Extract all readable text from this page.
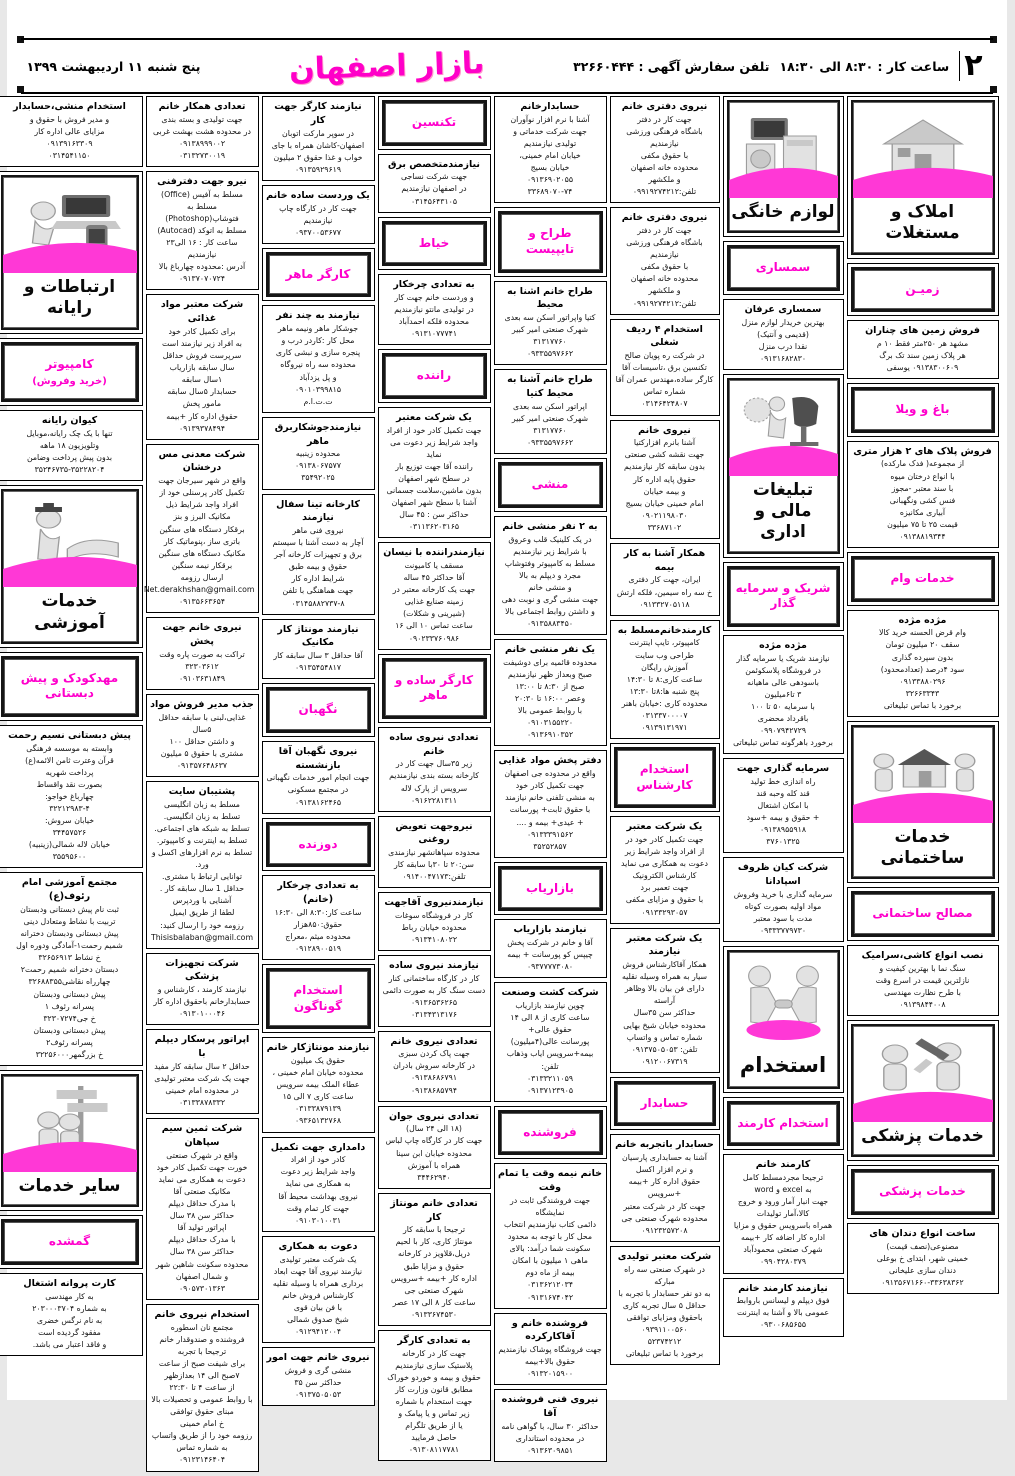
۲
ساعت کار : ۸:۳۰ الی ۱۸:۳۰
تلفن سفارش آگهی : ۳۲۶۶۰۴۴۴
بازار اصفهان
پنج شنبه ۱۱ اردیبهشت ۱۳۹۹
املاک و مستغلات
زمیـن
فروش زمین های چناران
مشهد هر ۲۵۰متر فقط ۱۰ م
هر پلاک زمین سند تک برگ
۰۹۱۳۸۳۰۰۶۰۹ یوسفی
باغ و ویلا
فروش پلاک های ۲ هزار متری
از مجموعه( فدک مارکده)
با انواع درختان میوه
با سند معتبر -مجوز
فنس کشی ونگهبانی
آبیاری مکانیزه
قیمت ۲۵ تا ۷۵ میلیون
۰۹۱۳۸۸۱۹۳۴۴
خدمات وام
مژده مژده
وام قرض الحسنه خرید کالا
سقف ۲۰ میلیون تومان
بدون سپرده گذاری
سود ۴درصد (تعدادمحدود)
۰۹۱۳۳۸۸۰۲۹۶
۳۲۶۶۳۳۴۳
برخورد با تماس تبلیغاتی
خدمات ساختمانی
مصالح ساختمانی
نصب انواع کاشی،سرامیک
سنگ نما با بهترین کیفیت و
نازلترین قیمت در اسرع وقت
با طرح نظارت مهندسی
۰۹۱۳۹۸۴۴۰۰۸
خدمات پزشکی
خدمات پزشکی
ساخت انواع دندان های
مصنوعی(نصف قیمت)
خمینی شهر، ابتدای خ بوعلی
دندان سازی علیخانی
۰۹۱۳۵۶۷۱۶۶۰-۳۳۶۳۸۳۶۲
لوازم خانگی
سمساری
سمساری عرفان
بهترین خریدار لوازم منزل
(قدیمی و آنتیک)
نقدا درب منزل
۰۹۱۳۱۶۸۲۸۳۰
تبلیغات مالی و اداری
شریک و سرمایه گذار
مژده مژده
نیازمند شریک یا سرمایه گذار
در فروشگاه پلاسکوئمن
باسودهی عالی ماهیانه
۳ تا۶میلیون
با سرمایه ۵۰ تا ۱۰۰
باقرداد محضری
۰۹۹۰۷۹۴۲۷۲۹
برخورد باهرگونه تماس تبلیغاتی
سرمایه گذاری جهت
راه اندازی خط تولید
قند کله وحبه قند
با امکان اشتغال
+ حقوق و بیمه +سود
۰۹۱۳۸۹۵۵۹۱۸
۳۷۶۰۱۳۲۵
شرکت کیان ظروف اسپادانا
سرمایه گذاری با خرید وفروش
مواد اولیه بصورت کوتاه
مدت با سود معتبر
۰۹۳۳۳۷۷۹۷۳۰
استخدام
استخدام کارمند
کارمند خانم
ترجیحا مجردمسلط کامل
به excel و word
جهت انبار آمار ورود و خروج
کالا،آمار تولیدات
همراه باسرویس حقوق و مزایا
اداره کار اضافه کار +بیمه
شهرک صنعتی محمودآباد
۰۹۹۰۴۲۸۰۳۷۹
نیازمند کارمند خانم
فوق دیپلم و لیسانس باروابط
عمومی بالا و آشنا به اینترنت
۰۹۳۰۰۶۸۵۶۵۵
نیروی دفتری خانم
جهت کار در دفتر
باشگاه فرهنگی ورزشی
نیازمندیم
با حقوق مکفی
محدوده خانه اصفهان
و ملکشهر
تلفن:۰۹۹۱۹۲۷۴۲۱۲
نیروی دفتری خانم
جهت کار در دفتر
باشگاه فرهنگی ورزشی
نیازمندیم
با حقوق مکفی
محدوده خانه اصفهان
و ملکشهر
تلفن:۰۹۹۱۹۲۷۴۲۱۲
استخدام ۴ ردیف شغلی
در شرکت ره پویان صالح
تکنسین برق ،تاسیسات آقا
کارگر ساده،مهندس عمران آقا
شماره تماس
۰۳۱۴۶۴۲۴۸۰۷
نیروی خانم
آشنا بانرم افزارکتیا
جهت نقشه کشی صنعتی
بدون سابقه کار نیازمندیم
حقوق پایه اداره کار
و بیمه خیابان
امام خمینی خیابان بسیج
۰۹۰۲۱۱۹۸۰۳۰
۳۳۶۸۷۱۰۲
همکار آشنا به کار بیمه
ایران، جهت کار دفتری
خ سه راه سیمین، فلکه ارتش
۰۹۱۳۳۲۷۰۵۱۱۸
کارمندخانم‌مسلط به
کامپیوتر، تایپ اینترنت
طراحی وب سایت
آموزش رایگان
ساعت کاری:۸ تا ۱۴:۳۰
پنج شنبه ها:۸تا ۱۳:۳۰
محدوده کاری :خیابان باهنر
۰۳۱۳۳۷۰۰۰۰۷
۰۹۱۳۹۱۳۱۹۷۱
استخدام کارشناس
یک شرکت معتبر
جهت تکمیل کادر خود در
از افراد واجد شرایط زیر
دعوت به همکاری می نماید
کارشناس الکترونیک
جهت تعمیر برد
با حقوق و مزایای مکفی
۰۹۱۳۳۲۹۳۰۵۷
یک شرکت معتبر نیازمند
همکار آقاکارشناس فروش
سیار به همراه وسیله نقلیه
دارای فن بیان بالا وظاهر آراسته
حداکثر سن ۳۵سال
محدوده خیابان شیخ بهایی
شماره تماس و واتساپ
تلفن: ۰۹۱۳۷۵۰۵۰۵۳
۰۹۱۲۰۰۶۷۳۱۹
حسابدار
حسابدار باتجربه خانم
آشنا به حسابداری پارسیان
و نرم افزار اکسل
حقوق اداره کار +بیمه
+سرویس
جهت کار در شرکت معتبر
محدوده شهرک صنعتی جی
۰۹۱۲۳۲۵۷۲۰۸
شرکت معتبر تولیدی
در شهرک صنعتی سه راه مبارکه
به دو نفر حسابدار با تجربه با
حداقل ۵ سال تجربه کاری
باحقوق ومزایای توافقی
۰۹۳۹۱۱۰۰۵۶۰
۵۲۳۷۴۲۱۲
برخورد با تماس تبلیغاتی
حسابدارخانم
آشنا با نرم افزار نوآوران
جهت شرکت خدماتی و
تولیدی نیازمندیم
خیابان امام خمینی،
خیابان بسیج
۰۹۱۳۶۹۰۲۰۵۵
۳۳۶۸۹۰۷۰-۷۴
طراح و تایپیست
طراح خانم اشنا به محیط
کتیا واپراتور اسکن سه بعدی
شهرک صنعتی امیر کبیر
۳۱۳۱۷۷۶۰
۰۹۳۳۵۵۹۷۶۶۲
طراح خانم آشنا به محیط کتیا
اپراتور اسکن سه بعدی
شهرک صنعتی امیر کبیر
۳۱۳۱۷۷۶۰
۰۹۳۳۵۵۹۷۶۶۲
منشی
به ۲ نفر منشی خانم
در یک کلینیک قلب وعروق
با شرایط زیر نیازمندیم
مسلط به کامپیوتر وفتوشاپ
مجرد و دیپلم به بالا
و منشی خانم
جهت منشی گری و نوبت دهی
و داشتن روابط اجتماعی بالا
۰۹۱۳۵۸۸۳۴۵۰
یک نفر منشی خانم
محدوده قائمیه برای دوشیفت
صبح وبعداز ظهر نیازمندیم
صبح از ۸:۳۰ تا ۱۳:۰۰
وعصر ۱۶:۰۰ تا ۲۰:۳۰
با روابط عمومی بالا
۰۹۱۰۳۱۵۵۲۲۰
۰۹۱۳۶۹۱۰۳۵۲
دفتر پخش مواد غذایی
واقع در محدوده جی اصفهان
جهت تکمیل کادر خود
به منشی تلفنی خانم نیازمند
با حقوق ثابت+ پورسانت
+ عیدی+ بیمه و ....
۰۹۱۳۳۳۹۱۵۶۲
۳۵۲۵۲۸۵۷
بازاریاب
نیازمند بازاریاب
آقا و خانم در شرکت پخش
چیپس کو پورسانت + بیمه
۰۹۳۷۷۷۷۳۰۸۰
شرکت کشت وصنعت
چوین نیازمند بازاریاب
ساعت کاری از ۸ الی ۱۴
حقوق عالی+
پورسانت عالی(۴میلیون)
بیمه+سرویس ایاب وذهاب
تلفن:
۰۳۱۳۳۲۱۱۰۵۹
۰۹۱۳۷۱۲۳۹۰۵
فروشنده
خانم نیمه وقت یا تمام وقت
جهت فروشندگی ثابت در نمایشگاه
دائمی کتاب نیازمندیم انتخاب
محل کار با توجه به محدود
سکونت شما درآمد: بالای
ماهی ۱ میلیون با امکان
بیمه از ماه دوم
۰۳۱۳۶۲۱۲۰۳۴
۰۹۱۳۱۶۷۴۰۴۲
فروشنده خانم و آقاکارکرده
جهت فروشگاه پوشاک نیازمندیم
حقوق بالا+بیمه
۰۹۱۳۲۰۱۵۹۰۰
نیروی فنی فروشنده آقا
حداکثر ۳۰ سال، با گواهی نامه
در محدوده استانداری
۰۹۱۳۶۳۰۹۸۵۱
تکنسین
نیازمندمتخصص برق
جهت شرکت نساجی
در اصفهان نیازمندیم
۰۳۱۴۵۶۴۳۱۰۵
خیاط
به تعدادی چرخکار
و وردست خانم جهت کار
در تولیدی مانتو نیازمندیم
محدوده فلکه احمدآباد
۰۹۱۳۱۰۷۷۷۴۱
راننده
یک شرکت معتبر
جهت تکمیل کادر خود از افراد
واجد شرایط زیر دعوت می نماید
راننده آقا جهت توزیع بار
در سطح شهر اصفهان
بدون ماشین،سلامت جسمانی
آشنا با سطح شهر اصفهان
حداکثر سن : ۴۵ سال
۰۳۱۱۳۶۲۰۳۱۶۵
نیازمندراننده با نیسان
مسقف یا کامیونت
آقا حداکثر ۴۵ ساله
جهت یک کارخانه معتبر در
زمینه صنایع غذایی
(شیرینی و شکلات)
ساعت تماس ۱۰ الی ۱۶
۰۹۰۲۳۳۷۶۰۹۸۶
کارگر ساده و ماهر
تعدادی نیروی ساده خانم
زیر ۳۵سال جهت کار در
کارخانه بسته بندی نیازمندیم
سرویس از پارک لاله
۰۹۱۶۲۲۸۱۳۱۱
نیروجهت تعویض روغنی
محدوده سپاهانشهر نیازمندی
سن:۲۰ تا ۳۰با سابقه کار
تلفن:۰۹۱۴۰۰۴۷۱۷۳
نیازمندنیروی آقاجهت
کار در فروشگاه سوغات
محدوده خیابان رباط
۰۹۱۳۴۱۰۸۰۲۲
نیازمند نیروی ساده
کار در کارگاه ساختمانی کنار
دست سنگ کار به صورت دائمی
۰۹۱۳۶۵۳۶۲۶۵
۰۳۱۳۴۳۱۳۱۷۶
تعدادی نیروی خانم
جهت پاک کردن سبزی
در کارخانه سروش بادران
۰۹۱۳۸۶۸۶۷۹۱
۰۹۱۳۸۶۸۵۷۹۴
تعدادی نیروی جوان
(۱۸ الی ۲۴ سال)
جهت کار در کارگاه چاپ لباس
محدوده خیابان ابن سینا
همراه با آموزش
۳۴۴۶۲۹۴۰
تعدادی خانم مونتاژ کار
ترجیحا با سابقه کار
مونتاژ کاری، کار با لحیم
دریل،قلاویز در کارخانه
حقوق و مزایا طبق
اداره کار +بیمه +سرویس
شهرک صنعتی جی
ساعت کار ۸ الی ۱۷ عصر
۰۹۱۳۳۶۷۴۵۳۰
به تعدادی کارگر
جهت کار در کارخانه
پلاستیک سازی نیازمندیم
حقوق و بیمه و خوردو خوراک
مطابق قانون وزارت کار
جهت استخدام با شماره
زیر تماس و یا پیامک و
یا از طریق تلگرام
حاصل فرمایید
۰۹۱۳۰۸۱۱۷۷۸۱
نیازمند کارگر جهت کار
در سوپر مارکت اتوبان
اصفهان-کاشان همراه با جای
خواب و غذا حقوق ۲ میلیون
۰۹۱۳۵۹۲۹۶۱۹
یک وردست ساده خانم
جهت کار در کارگاه چاپ
نیازمندیم
۰۹۳۷۰۰۵۳۶۷۷
کارگر ماهر
نیازمند به چند نفر
جوشکار ماهر ونیمه ماهر
محل کار :کاردر درب و
پنجره سازی و نبشی کاری
محدوده سه راه نیروگاه
و پل یزدآباد
۰۹۰۱۰۳۹۹۸۱۵
ت.ت.ا.م
نیازمندجوشکاربرق ماهر
محدوده زینبیه
۰۹۱۳۸۰۶۷۵۷۷
۳۵۴۹۲۰۲۵
کارخانه تینا سفال نیازمند
نیروی فنی ماهر
آچار به دست آشنا با سیستم
برق و تجهیزات کارخانه آجر
حقوق و بیمه طبق
شرایط اداره کار
جهت هماهنگی با تلفن
۰۳۱۴۵۸۸۲۷۳۷-۸
نیازمند مونتاژ کار مکانیک
آقا حداقل ۳ سال سابقه کار
۰۹۱۳۵۴۵۴۸۱۷
نگهبان
نیروی نگهبان آقا بازنشسته
جهت انجام امور خدمات نگهبانی
در مجتمع مسکونی
۰۹۱۳۸۱۶۲۴۶۵
دوزنده
به تعدادی چرخکار (خانم)
ساعت کار:۸:۳۰ الی ۱۶:۳۰
حقوق:۸۵۰هزار
محدوده میثم ،معراج
۰۹۱۲۸۹۰۰۵۱۹
استخدام گوناگون
نیازمند مونتاژکار خانم
حقوق یک میلیون
محدوده خیابان امام خمینی ،
عطاء الملک بیمه سرویس
ساعت کاری ۷ الی ۱۵
۰۳۱۳۳۸۷۹۱۳۹
۰۹۳۶۵۱۳۲۷۶۸
دامداری جهت تکمیل
کادر خود از افراد
واجد شرایط زیر دعوت
به همکاری می نماید
نیروی بهداشت محیط آقا
جهت کار تمام وقت
۰۹۱۰۳۰۱۰۰۳۱
دعوت به همکاری
یک شرکت معتبر تولیدی
نیازمند نیروی آقا جهت ابعاد
برداری همراه با وسیله نقلیه
کارشناس فروش خانم
با فن بیان قوی
شیخ صدوق شمالی
۰۹۱۲۹۴۱۲۰۰۴
نیروی خانم جهت امور
منشی گری و فروش
حداکثر سن ۳۵
۰۹۱۳۷۵۰۵۰۵۳
تعدادی همکار خانم
جهت تولیدی و بسته بندی
در محدوده هشت بهشت غربی
۰۹۱۳۸۹۹۹۰۰۲
۰۳۱۳۲۷۳۰۰۱۹
نیرو جهت دفترفنی
مسلط به آفیس (Office)
مسلط به فتوشاپ(Photoshop)
مسلط به اتوکد (Autocad)
ساعت کار : ۱۶ الی۲۳
نیازمندیم
آدرس :محدوده چهارباغ بالا
۰۹۱۳۷۰۷۰۷۲۴
شرکت معتبر مواد غذائی
برای تکمیل کادر خود
به افراد زیر نیازمند است
سرپرست فروش حداقل
سال سابقه بازاریاب
۱سال سابقه
حسابدار ۵سال سابقه
مامور پخش
حقوق اداره کار +بیمه
۰۹۱۳۹۳۷۸۴۹۴
شرکت معدنی مس درخشان
واقع در شهر سیرجان جهت
تکمیل کادر پرسنلی خود از
افراد واجد شرایط ذیل
مکانیک البرز و بنز
برقکار دستگاه های سنگین
باتری ساز ،پنوماتیک کار
مکانیک دستگاه های سنگین
برقکار نیمه سنگین
ارسال رزومه
Net.derakhshan@gmail.com
۰۹۱۳۵۶۶۳۶۵۴
نیروی خانم جهت پخش
تراکت به صورت پاره وقت
۳۲۳۰۳۶۱۲
۰۹۱۰۳۶۳۱۸۴۹
جذب مدیر فروش مواد
غذایی،لبنی با سابقه حداقل ۵سال
و داشتن حداقل ۱۰۰
مشتری با حقوق ۵ میلیون
۰۹۱۳۵۷۶۴۸۶۳۷
پشتیبان سایت
مسلط به زبان انگلیسی
تسلط به زبان انگلیسی.
تسلط به شبکه های اجتماعی.
تسلط به اینترنت و کامپیوتر.
تسلط به نرم افزارهای اکسل و ورد.
توانایی ارتباط با مشتری.
حداقل 1 سال سابقه کار .
آشنایی با وردپرس
لطفا از طریق ایمیل
رزومه خود را ارسال کنید:
Thisisbalaban@gmail.com
شرکت تجهیزات پزشکی
نیازمند کارمند ، کارشناس و
حسابدارخانم باحقوق اداره کار
۰۹۱۳۰۱۰۰۰۴۶
اپراتور پرسکار دیپلم با
حداقل ۲ سال سابقه کار مفید
جهت یک شرکت معتبر تولیدی
در محدوده امام خمینی
۰۳۱۳۳۸۷۸۳۳۲
شرکت ثمین سیم سپاهان
واقع در شهرک صنعتی
خورت جهت تکمیل کادر خود
دعوت به همکاری می نماید
مکانیک صنعتی آقا
با مدرک حداقل دیپلم
حداکثر سن ۳۸ سال
اپراتور تولید آقا
با مدرک حداقل دیپلم
حداکثر سن ۳۸ سال
محدوده سکونت شاهین شهر
و شمال اصفهان
۰۹۰۵۷۳۰۱۳۶۳
استخدام نیروی خانم
مجتمع نان اسطوره
فروشنده و صندوقدار خانم
ترجیحا با تجربه
برای شیفت صبح از ساعت
۷صبح الی ۱۴ بعدازظهر
از ساعت ۴ تا ۲۲:۳۰
با روابط عمومی و تحصیلات بالا
مبنای حقوق توافقی
خ امام خمینی
رزومه خود را از طریق واتساپ
به شماره تماس
۰۹۱۲۳۱۴۶۴۰۴
استخدام منشی،حسابدار
و مدیر فروش با حقوق و
مزایای عالی اداره کار
۰۹۱۳۹۱۶۳۳۰۹
۰۳۱۴۵۴۱۱۵۰
ارتباطات و رایانه
کامپیوتر
(خرید وفروش)
کیوان رایانه
تنها با یک چک رایانه،موبایل
وتلویزیون ۱۸ ماهه
بدون پیش پرداخت وضامن
۳۵۲۴۶۷۳۵-۳۵۲۲۸۲۰۴
خدمات آموزشی
مهدکودک و پیش دبستانی
پیش دبستانی نسیم رحمت
وابسته به موسسه فرهنگی
قرآن وعترت ثامن الائمه(ع)
پرداخت شهریه
بصورت نقد واقساط
چهارباغ خواجو:
۳۲۲۱۲۹۸۳-۴
خیابان سروش:
۳۴۴۵۷۵۲۶
خیابان لاله شمالی(زینبیه)
۳۵۵۹۵۶۰۰
مجتمع آموزشی امام رئوف(ع)
ثبت نام پیش دبستانی ودبستان
تربیت با نشاط ومتعادل دینی
پیش دبستانی ودبستان دخترانه
شمیم رحمت۱-آمادگی ودوره اول
خ نشاط ۳۲۶۵۶۹۱۳
دبستان دخترانه شمیم رحمت۲
چهارراه نقاشی۳۲۶۸۸۳۵۵
پیش دبستانی ودبستان
پسرانه رئوف ۱
خ جی۳۲۳۰۷۲۷۴
پیش دبستانی ودبستان
پسرانه رئوف۲
خ بزرگمهر۳۲۲۵۶۰۰۰
سایر خدمات
گمشده
کارت پروانه اشتغال
به کار مهندسی
به شماره ۲۰۳۰۰۰۳۷۰۴
به نام نرگس خضری
مفقود گردیده است
و فاقد اعتبار می باشد.
